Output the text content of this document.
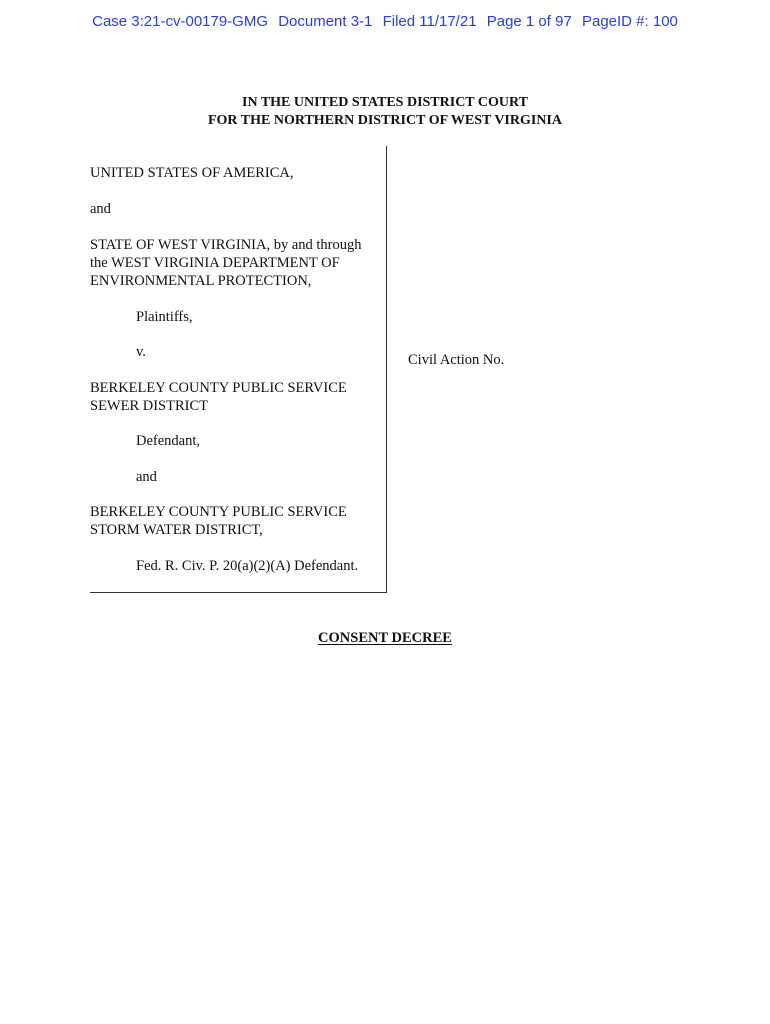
Case 3:21-cv-00179-GMG Document 3-1 Filed 11/17/21 Page 1 of 97 PageID #: 100
IN THE UNITED STATES DISTRICT COURT
FOR THE NORTHERN DISTRICT OF WEST VIRGINIA
UNITED STATES OF AMERICA,
and
STATE OF WEST VIRGINIA, by and through
the WEST VIRGINIA DEPARTMENT OF
ENVIRONMENTAL PROTECTION,
Plaintiffs,
v.
BERKELEY COUNTY PUBLIC SERVICE
SEWER DISTRICT
Defendant,
and
BERKELEY COUNTY PUBLIC SERVICE
STORM WATER DISTRICT,
Fed. R. Civ. P. 20(a)(2)(A) Defendant.
Civil Action No.
CONSENT DECREE
